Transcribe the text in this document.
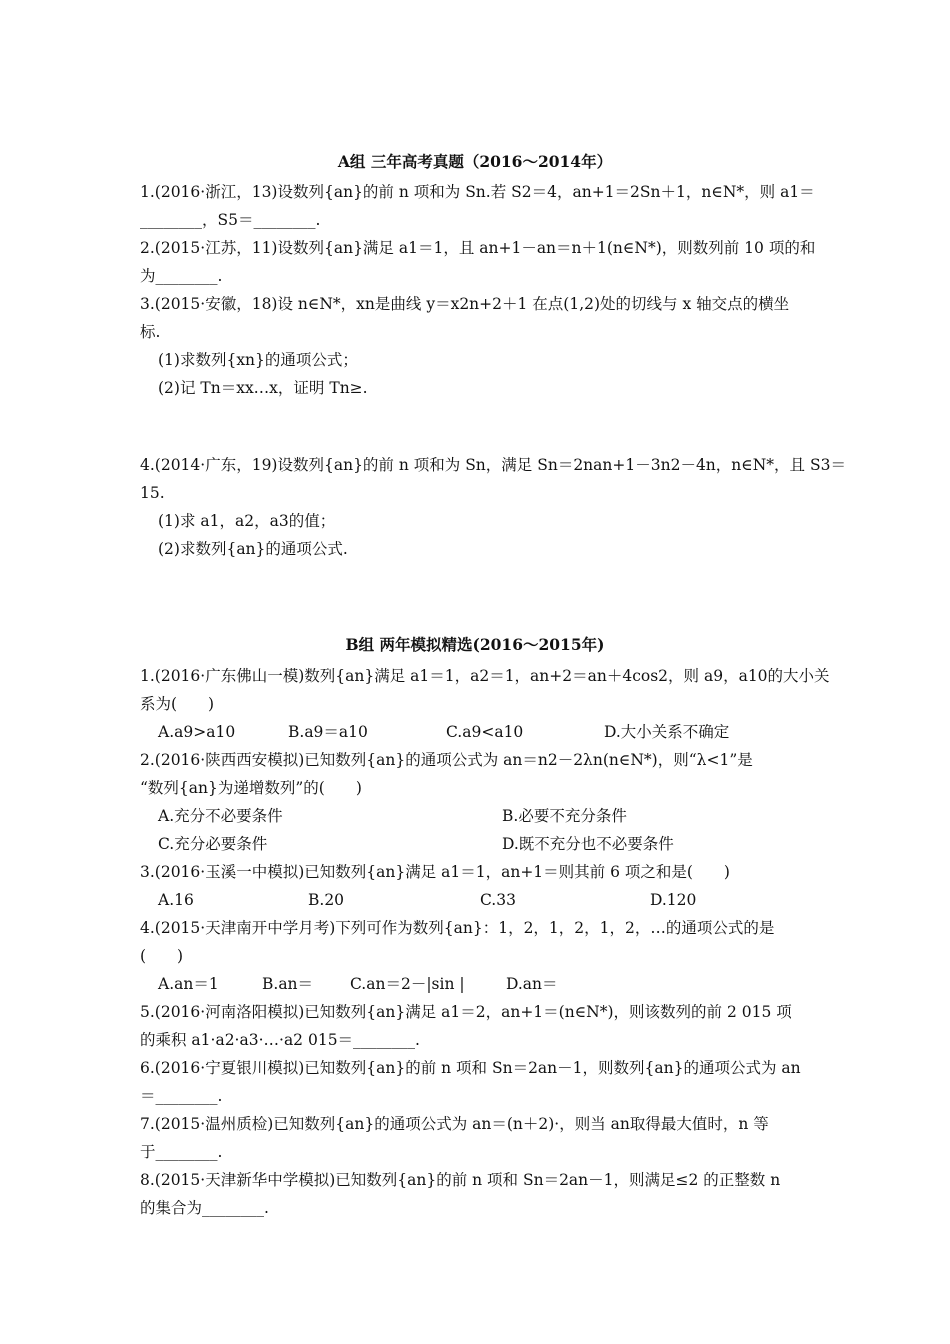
A组 三年高考真题（2016～2014年）
1.(2016·浙江，13)设数列{an}的前 n 项和为 Sn.若 S2＝4，an+1＝2Sn＋1，n∈N*，则 a1＝
________，S5＝________.
2.(2015·江苏，11)设数列{an}满足 a1＝1，且 an+1－an＝n＋1(n∈N*)，则数列前 10 项的和
为________.
3.(2015·安徽，18)设 n∈N*，xn是曲线 y＝x2n+2＋1 在点(1,2)处的切线与 x 轴交点的横坐
标.
(1)求数列{xn}的通项公式；
(2)记 Tn＝xx…x，证明 Tn≥.
4.(2014·广东，19)设数列{an}的前 n 项和为 Sn，满足 Sn＝2nan+1－3n2－4n，n∈N*，且 S3＝
15.
(1)求 a1，a2，a3的值；
(2)求数列{an}的通项公式.
B组 两年模拟精选(2016～2015年)
1.(2016·广东佛山一模)数列{an}满足 a1＝1，a2＝1，an+2＝an＋4cos2，则 a9，a10的大小关
系为(　　)
A.a9>a10	B.a9＝a10	C.a9<a10	D.大小关系不确定
2.(2016·陕西西安模拟)已知数列{an}的通项公式为 an＝n2－2λn(n∈N*)，则“λ<1”是
“数列{an}为递增数列”的(　　)
A.充分不必要条件	B.必要不充分条件
C.充分必要条件	D.既不充分也不必要条件
3.(2016·玉溪一中模拟)已知数列{an}满足 a1＝1，an+1＝则其前 6 项之和是(　　)
A.16	B.20	C.33	D.120
4.(2015·天津南开中学月考)下列可作为数列{an}：1，2，1，2，1，2，…的通项公式的是
(　　)
A.an＝1	B.an＝ C.an＝2－|sin |	D.an＝
5.(2016·河南洛阳模拟)已知数列{an}满足 a1＝2，an+1＝(n∈N*)，则该数列的前 2 015 项
的乘积 a1·a2·a3·…·a2 015＝________.
6.(2016·宁夏银川模拟)已知数列{an}的前 n 项和 Sn＝2an－1，则数列{an}的通项公式为 an
＝________.
7.(2015·温州质检)已知数列{an}的通项公式为 an＝(n＋2)·，则当 an取得最大值时，n 等
于________.
8.(2015·天津新华中学模拟)已知数列{an}的前 n 项和 Sn＝2an－1，则满足≤2 的正整数 n
的集合为________.
